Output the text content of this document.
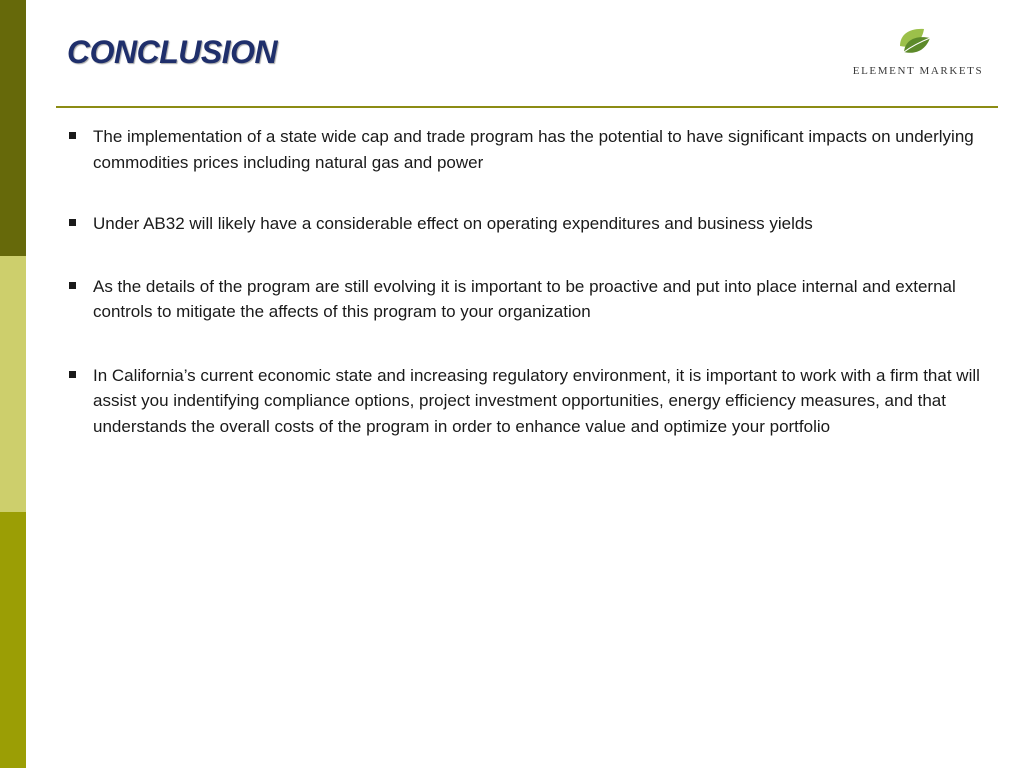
CONCLUSION
ELEMENT MARKETS
The implementation of a state wide cap and trade program has the potential to have significant impacts on underlying commodities prices including natural gas and power
Under AB32 will likely have a considerable effect on operating expenditures and business yields
As the details of the program are still evolving it is important to be proactive and put into place internal and external controls to mitigate the affects of this program to your organization
In California’s current economic state and increasing regulatory environment, it is important to work with a firm that will assist you indentifying compliance options, project investment opportunities, energy efficiency measures, and that understands the overall costs of the program in order to enhance value and optimize your portfolio
